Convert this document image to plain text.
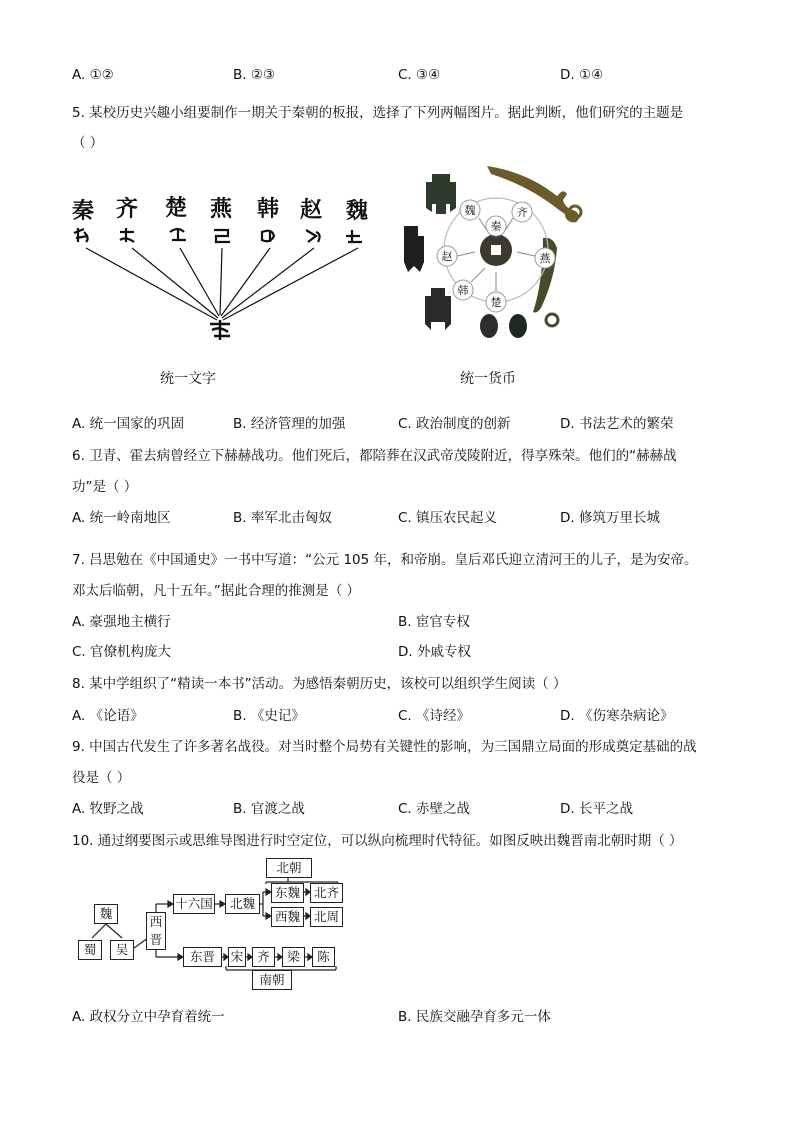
A. ①②	B. ②③	C. ③④	D. ①④
5. 某校历史兴趣小组要制作一期关于秦朝的板报，选择了下列两幅图片。据此判断，他们研究的主题是
（ ）
秦 齐 楚 燕 韩 赵 魏
统一文字
秦
魏	齐
赵	燕
韩
楚
统一货币
A. 统一国家的巩固	B. 经济管理的加强	C. 政治制度的创新	D. 书法艺术的繁荣
6. 卫青、霍去病曾经立下赫赫战功。他们死后，都陪葬在汉武帝茂陵附近，得享殊荣。他们的“赫赫战
功”是（ ）
A. 统一岭南地区	B. 率军北击匈奴	C. 镇压农民起义	D. 修筑万里长城
7. 吕思勉在《中国通史》一书中写道：“公元 105 年，和帝崩。皇后邓氏迎立清河王的儿子，是为安帝。
邓太后临朝，凡十五年。”据此合理的推测是（ ）
A. 豪强地主横行	B. 宦官专权
C. 官僚机构庞大	D. 外戚专权
8. 某中学组织了“精读一本书”活动。为感悟秦朝历史，该校可以组织学生阅读（ ）
A. 《论语》	B. 《史记》	C. 《诗经》	D. 《伤寒杂病论》
9. 中国古代发生了许多著名战役。对当时整个局势有关键性的影响，为三国鼎立局面的形成奠定基础的战
役是（ ）
A. 牧野之战	B. 官渡之战	C. 赤壁之战	D. 长平之战
10. 通过纲要图示或思维导图进行时空定位，可以纵向梳理时代特征。如图反映出魏晋南北朝时期（ ）
魏
蜀	吴
西晋
十六国	北魏
北朝
东魏
西魏
北齐
北周
东晋	宋	齐	梁	陈
南朝
A. 政权分立中孕育着统一	B. 民族交融孕育多元一体
